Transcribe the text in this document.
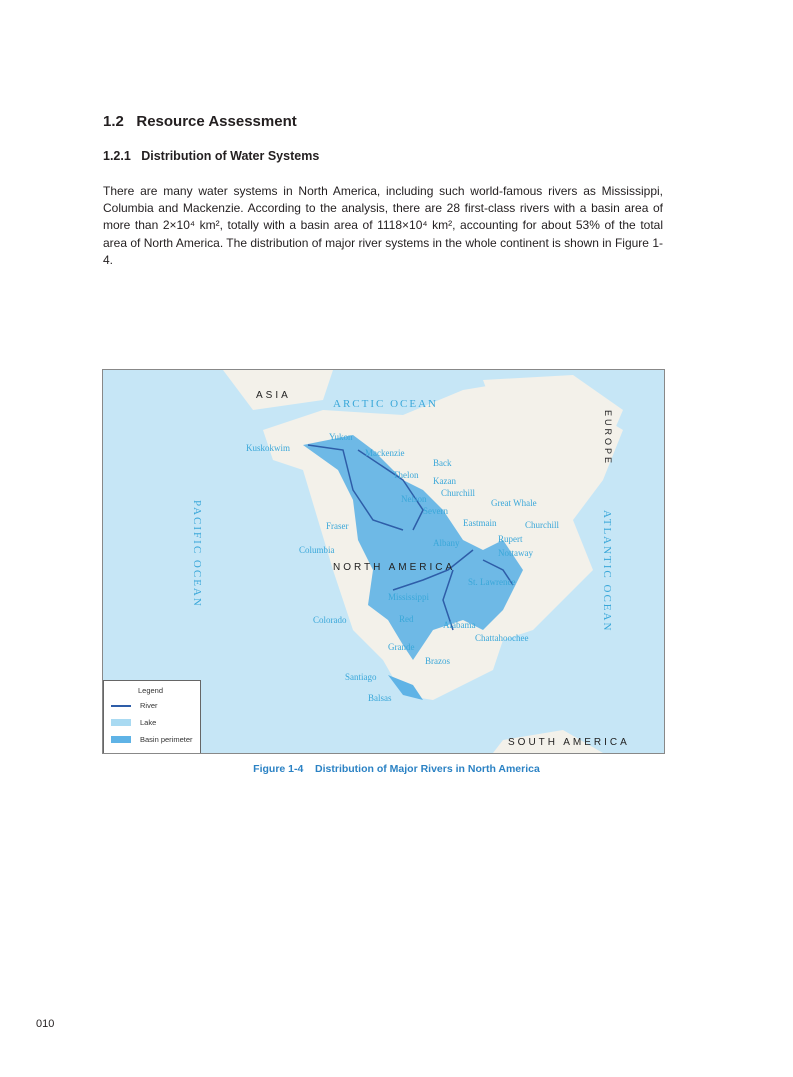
1.2 Resource Assessment
1.2.1 Distribution of Water Systems
There are many water systems in North America, including such world-famous rivers as Mississippi, Columbia and Mackenzie. According to the analysis, there are 28 first-class rivers with a basin area of more than 2×10⁴ km², totally with a basin area of 1118×10⁴ km², accounting for about 53% of the total area of North America. The distribution of major river systems in the whole continent is shown in Figure 1-4.
ASIA
ARCTIC OCEAN
EUROPE
PACIFIC OCEAN	ATLANTIC OCEAN
NORTH AMERICA
SOUTH AMERICA
Kuskokwim
Yukon
Mackenzie
Back
Thelon
Kazan
Churchill
Nelson
Severn
Great Whale
Eastmain	Churchill
Fraser
Columbia
Albany	Rupert
Nottaway
St. Lawrence
Mississippi
Colorado	Red
Alabama
Chattahoochee
Grande
Brazos
Santiago
Balsas
Legend
River
Lake
Basin perimeter
Figure 1-4    Distribution of Major Rivers in North America
010
